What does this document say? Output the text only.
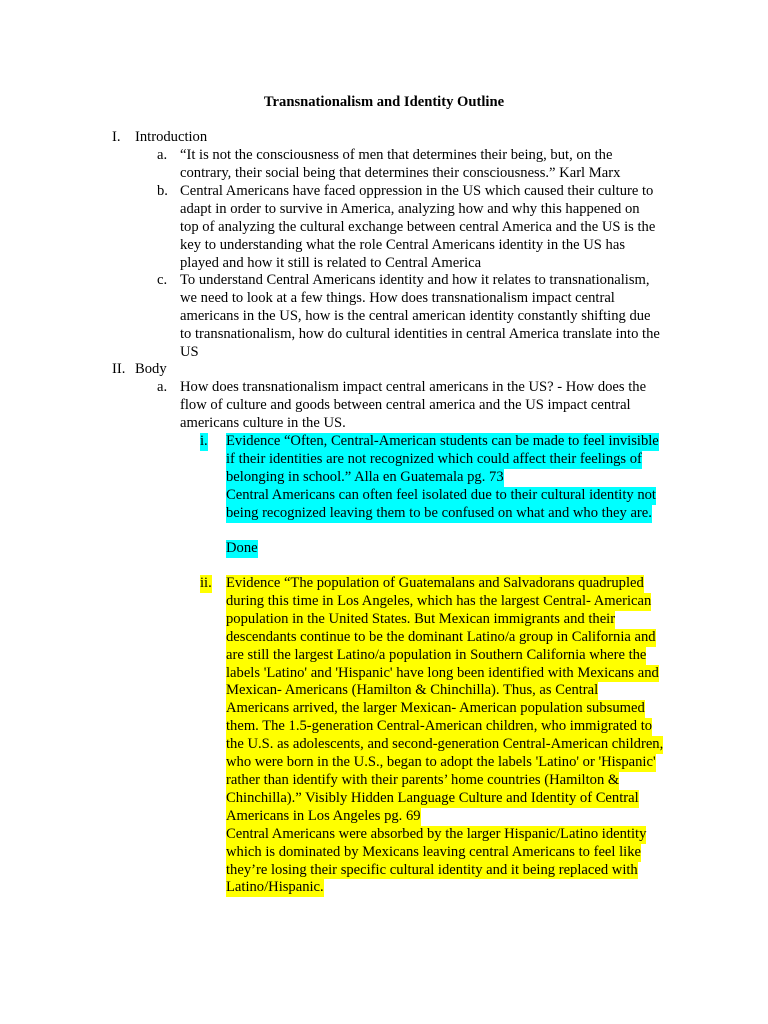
Transnationalism and Identity Outline
I. Introduction
a. “It is not the consciousness of men that determines their being, but, on the
contrary, their social being that determines their consciousness.” Karl Marx
b. Central Americans have faced oppression in the US which caused their culture to
adapt in order to survive in America, analyzing how and why this happened on
top of analyzing the cultural exchange between central America and the US is the
key to understanding what the role Central Americans identity in the US has
played and how it still is related to Central America
c. To understand Central Americans identity and how it relates to transnationalism,
we need to look at a few things. How does transnationalism impact central
americans in the US, how is the central american identity constantly shifting due
to transnationalism, how do cultural identities in central America translate into the
US
II. Body
a. How does transnationalism impact central americans in the US? - How does the
flow of culture and goods between central america and the US impact central
americans culture in the US.
i. Evidence “Often, Central-American students can be made to feel invisible if their identities are not recognized which could affect their feelings of belonging in school.” Alla en Guatemala pg. 73 Central Americans can often feel isolated due to their cultural identity not being recognized leaving them to be confused on what and who they are.
Done
ii. Evidence “The population of Guatemalans and Salvadorans quadrupled during this time in Los Angeles, which has the largest Central- American population in the United States. But Mexican immigrants and their descendants continue to be the dominant Latino/a group in California and are still the largest Latino/a population in Southern California where the labels 'Latino' and 'Hispanic' have long been identified with Mexicans and Mexican- Americans (Hamilton & Chinchilla). Thus, as Central Americans arrived, the larger Mexican- American population subsumed them. The 1.5-generation Central-American children, who immigrated to the U.S. as adolescents, and second-generation Central-American children, who were born in the U.S., began to adopt the labels 'Latino' or 'Hispanic' rather than identify with their parents’ home countries (Hamilton & Chinchilla).” Visibly Hidden Language Culture and Identity of Central Americans in Los Angeles pg. 69 Central Americans were absorbed by the larger Hispanic/Latino identity which is dominated by Mexicans leaving central Americans to feel like they’re losing their specific cultural identity and it being replaced with Latino/Hispanic.
